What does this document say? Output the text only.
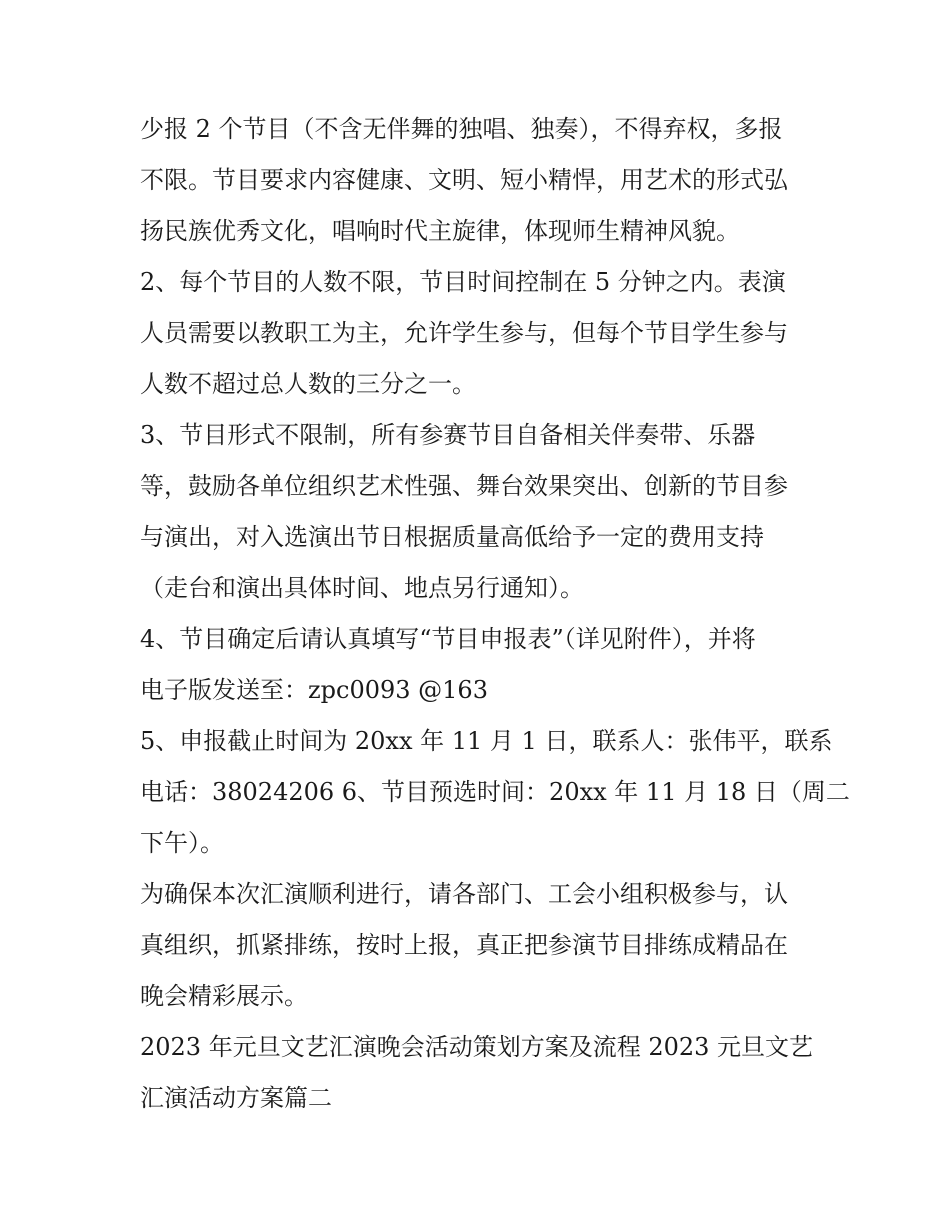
少报 2 个节目（不含无伴舞的独唱、独奏），不得弃权，多报
不限。节目要求内容健康、文明、短小精悍，用艺术的形式弘
扬民族优秀文化，唱响时代主旋律，体现师生精神风貌。
2、每个节目的人数不限，节目时间控制在 5 分钟之内。表演
人员需要以教职工为主，允许学生参与，但每个节目学生参与
人数不超过总人数的三分之一。
3、节目形式不限制，所有参赛节目自备相关伴奏带、乐器
等，鼓励各单位组织艺术性强、舞台效果突出、创新的节目参
与演出，对入选演出节日根据质量高低给予一定的费用支持
（走台和演出具体时间、地点另行通知）。
4、节目确定后请认真填写“节目申报表”（详见附件），并将
电子版发送至：zpc0093 @163
5、申报截止时间为 20xx 年 11 月 1 日，联系人：张伟平，联系
电话：38024206 6、节目预选时间：20xx 年 11 月 18 日（周二
下午）。
为确保本次汇演顺利进行，请各部门、工会小组积极参与，认
真组织，抓紧排练，按时上报，真正把参演节目排练成精品在
晚会精彩展示。
2023 年元旦文艺汇演晚会活动策划方案及流程 2023 元旦文艺
汇演活动方案篇二
